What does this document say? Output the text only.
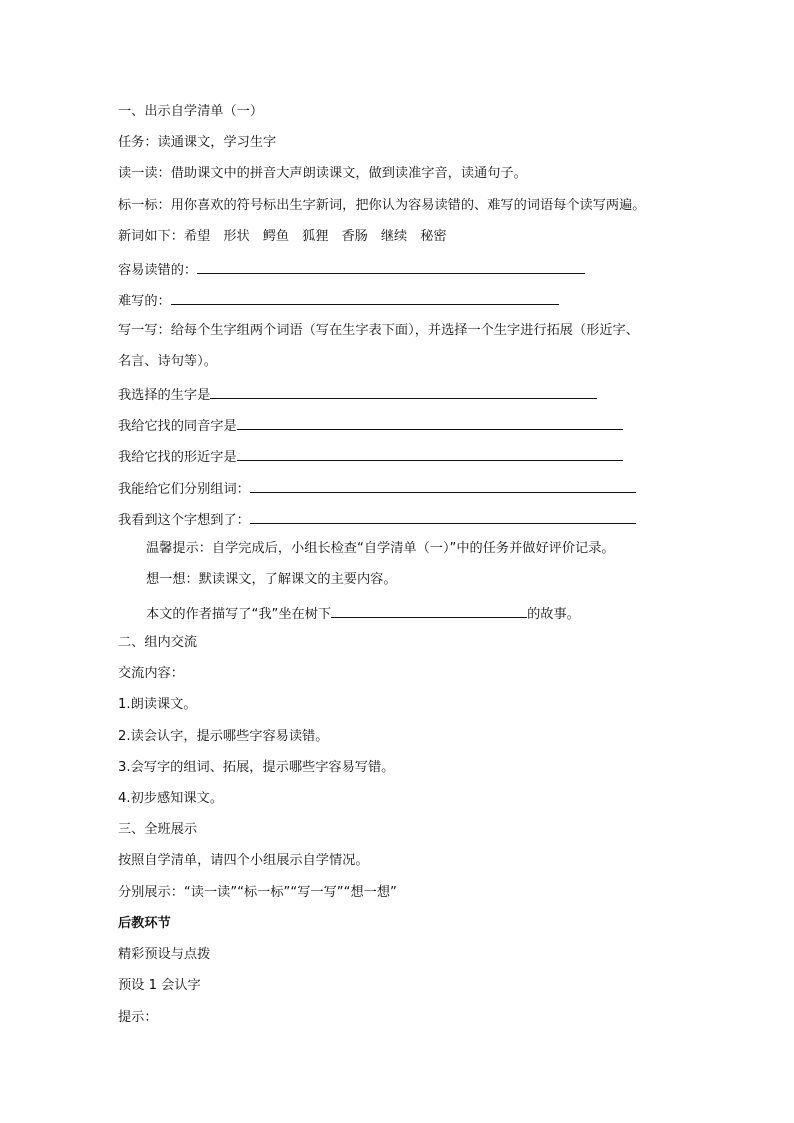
一、出示自学清单（一）
任务：读通课文，学习生字
读一读：借助课文中的拼音大声朗读课文，做到读准字音，读通句子。
标一标：用你喜欢的符号标出生字新词，把你认为容易读错的、难写的词语每个读写两遍。
新词如下：希望 形状 鳄鱼 狐狸 香肠 继续 秘密
容易读错的：
难写的：
写一写：给每个生字组两个词语（写在生字表下面），并选择一个生字进行拓展（形近字、
名言、诗句等）。
我选择的生字是
我给它找的同音字是
我给它找的形近字是
我能给它们分别组词：
我看到这个字想到了：
温馨提示：自学完成后，小组长检查“自学清单（一）”中的任务并做好评价记录。
想一想：默读课文，了解课文的主要内容。
本文的作者描写了“我”坐在树下	的故事。
二、组内交流
交流内容：
1.朗读课文。
2.读会认字，提示哪些字容易读错。
3.会写字的组词、拓展，提示哪些字容易写错。
4.初步感知课文。
三、全班展示
按照自学清单，请四个小组展示自学情况。
分别展示：“读一读”“标一标”“写一写”“想一想”
后教环节
精彩预设与点拨
预设 1 会认字
提示：
